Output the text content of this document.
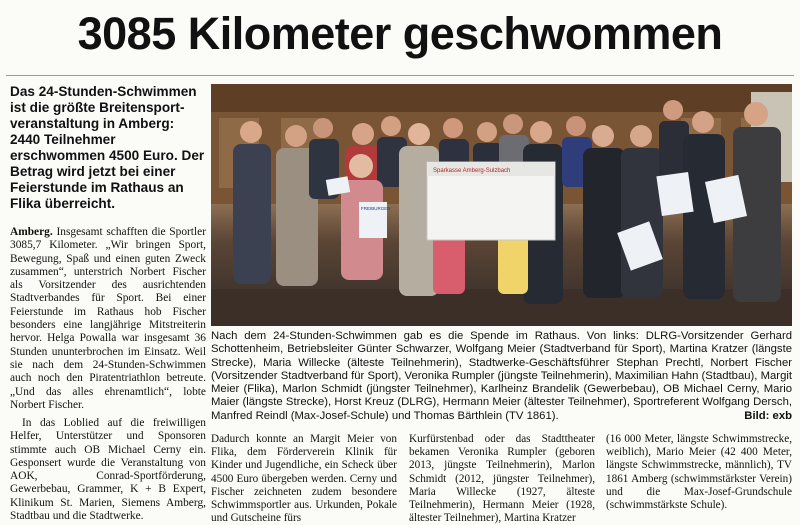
3085 Kilometer geschwommen

Das 24-Stunden-Schwimmen ist die größte Breitensportveranstaltung in Amberg: 2440 Teilnehmer erschwommen 4500 Euro. Der Betrag wird jetzt bei einer Feierstunde im Rathaus an Flika überreicht.

Amberg. Insgesamt schafften die Sportler 3085,7 Kilometer. „Wir bringen Sport, Bewegung, Spaß und einen guten Zweck zusammen“, unterstrich Norbert Fischer als Vorsitzender des ausrichtenden Stadtverbandes für Sport. Bei einer Feierstunde im Rathaus hob Fischer besonders eine langjährige Mitstreiterin hervor. Helga Powalla war insgesamt 36 Stunden ununterbrochen im Einsatz. Weil sie nach dem 24-Stunden-Schwimmen auch noch den Piratentriathlon betreute. „Und das alles ehrenamtlich“, lobte Norbert Fischer.

In das Loblied auf die freiwilligen Helfer, Unterstützer und Sponsoren stimmte auch OB Michael Cerny ein. Gesponsert wurde die Veranstaltung von AOK, Conrad-Sportförderung, Gewerbebau, Grammer, K + B Expert, Klinikum St. Marien, Siemens Amberg, Stadtbau und die Stadtwerke.

Sparkasse Amberg-Sulzbach
FREIBURGER

Nach dem 24-Stunden-Schwimmen gab es die Spende im Rathaus. Von links: DLRG-Vorsitzender Gerhard Schottenheim, Betriebsleiter Günter Schwarzer, Wolfgang Meier (Stadtverband für Sport), Martina Kratzer (längste Strecke), Maria Willecke (älteste Teilnehmerin), Stadtwerke-Geschäftsführer Stephan Prechtl, Norbert Fischer (Vorsitzender Stadtverband für Sport), Veronika Rumpler (jüngste Teilnehmerin), Maximilian Hahn (Stadtbau), Margit Meier (Flika), Marlon Schmidt (jüngster Teilnehmer), Karlheinz Brandelik (Gewerbebau), OB Michael Cerny, Mario Maier (längste Strecke), Horst Kreuz (DLRG), Hermann Meier (ältester Teilnehmer), Sportreferent Wolfgang Dersch, Manfred Reindl (Max-Josef-Schule) und Thomas Bärthlein (TV 1861).	Bild: exb

Dadurch konnte an Margit Meier von Flika, dem Förderverein Klinik für Kinder und Jugendliche, ein Scheck über 4500 Euro übergeben werden. Cerny und Fischer zeichneten zudem besondere Schwimmsportler aus. Urkunden, Pokale und Gutscheine fürs

Kurfürstenbad oder das Stadttheater bekamen Veronika Rumpler (geboren 2013, jüngste Teilnehmerin), Marlon Schmidt (2012, jüngster Teilnehmer), Maria Willecke (1927, älteste Teilnehmerin), Hermann Meier (1928, ältester Teilnehmer), Martina Kratzer

(16 000 Meter, längste Schwimmstrecke, weiblich), Mario Meier (42 400 Meter, längste Schwimmstrecke, männlich), TV 1861 Amberg (schwimmstärkster Verein) und die Max-Josef-Grundschule (schwimmstärkste Schule).
